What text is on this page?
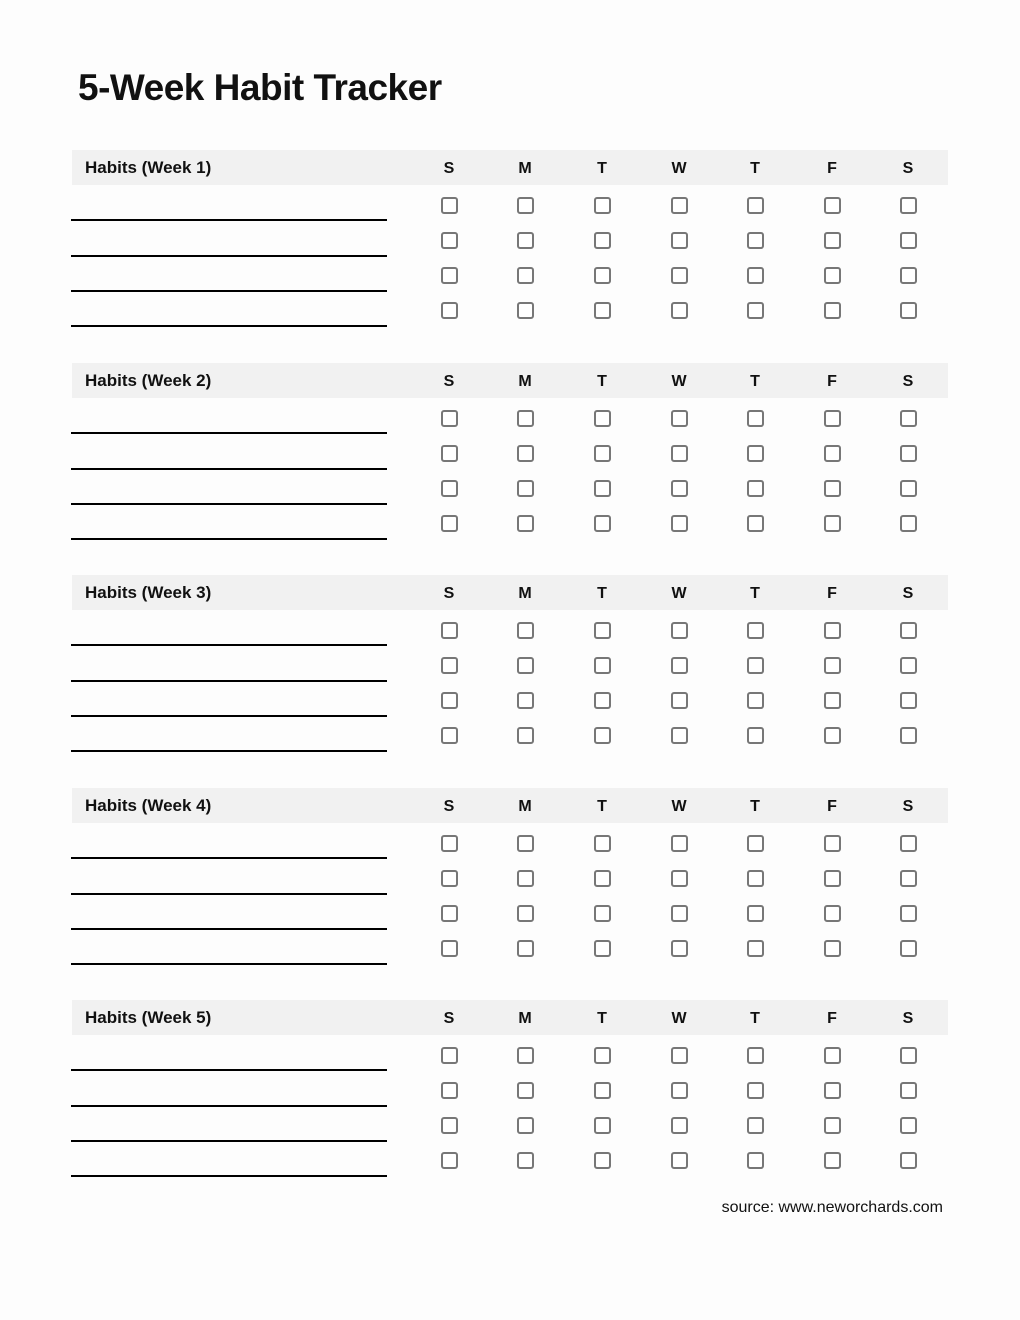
5-Week Habit Tracker
Habits (Week 1)	S	M	T	W	T	F	S
Habits (Week 2)	S	M	T	W	T	F	S
Habits (Week 3)	S	M	T	W	T	F	S
Habits (Week 4)	S	M	T	W	T	F	S
Habits (Week 5)	S	M	T	W	T	F	S
source: www.neworchards.com
